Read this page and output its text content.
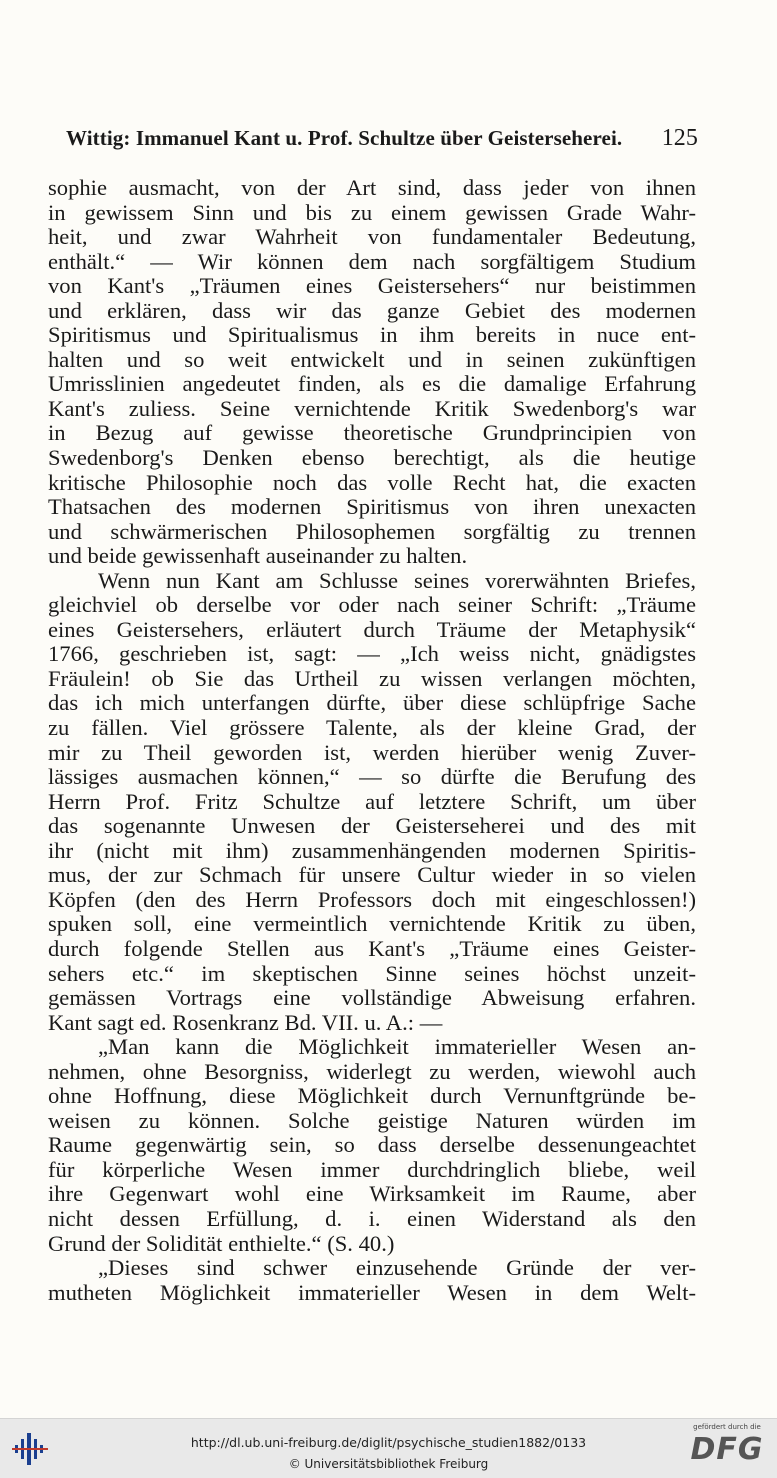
Wittig: Immanuel Kant u. Prof. Schultze über Geisterseherei. 125
sophie ausmacht, von der Art sind, dass jeder von ihnen
in gewissem Sinn und bis zu einem gewissen Grade Wahr-
heit, und zwar Wahrheit von fundamentaler Bedeutung,
enthält.“ — Wir können dem nach sorgfältigem Studium
von Kant's „Träumen eines Geistersehers“ nur beistimmen
und erklären, dass wir das ganze Gebiet des modernen
Spiritismus und Spiritualismus in ihm bereits in nuce ent-
halten und so weit entwickelt und in seinen zukünftigen
Umrisslinien angedeutet finden, als es die damalige Erfahrung
Kant's zuliess. Seine vernichtende Kritik Swedenborg's war
in Bezug auf gewisse theoretische Grundprincipien von
Swedenborg's Denken ebenso berechtigt, als die heutige
kritische Philosophie noch das volle Recht hat, die exacten
Thatsachen des modernen Spiritismus von ihren unexacten
und schwärmerischen Philosophemen sorgfältig zu trennen
und beide gewissenhaft auseinander zu halten.
Wenn nun Kant am Schlusse seines vorerwähnten Briefes,
gleichviel ob derselbe vor oder nach seiner Schrift: „Träume
eines Geistersehers, erläutert durch Träume der Metaphysik“
1766, geschrieben ist, sagt: — „Ich weiss nicht, gnädigstes
Fräulein! ob Sie das Urtheil zu wissen verlangen möchten,
das ich mich unterfangen dürfte, über diese schlüpfrige Sache
zu fällen. Viel grössere Talente, als der kleine Grad, der
mir zu Theil geworden ist, werden hierüber wenig Zuver-
lässiges ausmachen können,“ — so dürfte die Berufung des
Herrn Prof. Fritz Schultze auf letztere Schrift, um über
das sogenannte Unwesen der Geisterseherei und des mit
ihr (nicht mit ihm) zusammenhängenden modernen Spiritis-
mus, der zur Schmach für unsere Cultur wieder in so vielen
Köpfen (den des Herrn Professors doch mit eingeschlossen!)
spuken soll, eine vermeintlich vernichtende Kritik zu üben,
durch folgende Stellen aus Kant's „Träume eines Geister-
sehers etc.“ im skeptischen Sinne seines höchst unzeit-
gemässen Vortrags eine vollständige Abweisung erfahren.
Kant sagt ed. Rosenkranz Bd. VII. u. A.: —
„Man kann die Möglichkeit immaterieller Wesen an-
nehmen, ohne Besorgniss, widerlegt zu werden, wiewohl auch
ohne Hoffnung, diese Möglichkeit durch Vernunftgründe be-
weisen zu können. Solche geistige Naturen würden im
Raume gegenwärtig sein, so dass derselbe dessenungeachtet
für körperliche Wesen immer durchdringlich bliebe, weil
ihre Gegenwart wohl eine Wirksamkeit im Raume, aber
nicht dessen Erfüllung, d. i. einen Widerstand als den
Grund der Solidität enthielte.“ (S. 40.)
„Dieses sind schwer einzusehende Gründe der ver-
mutheten Möglichkeit immaterieller Wesen in dem Welt-
http://dl.ub.uni-freiburg.de/diglit/psychische_studien1882/0133
© Universitätsbibliothek Freiburg
gefördert durch die
DFG
